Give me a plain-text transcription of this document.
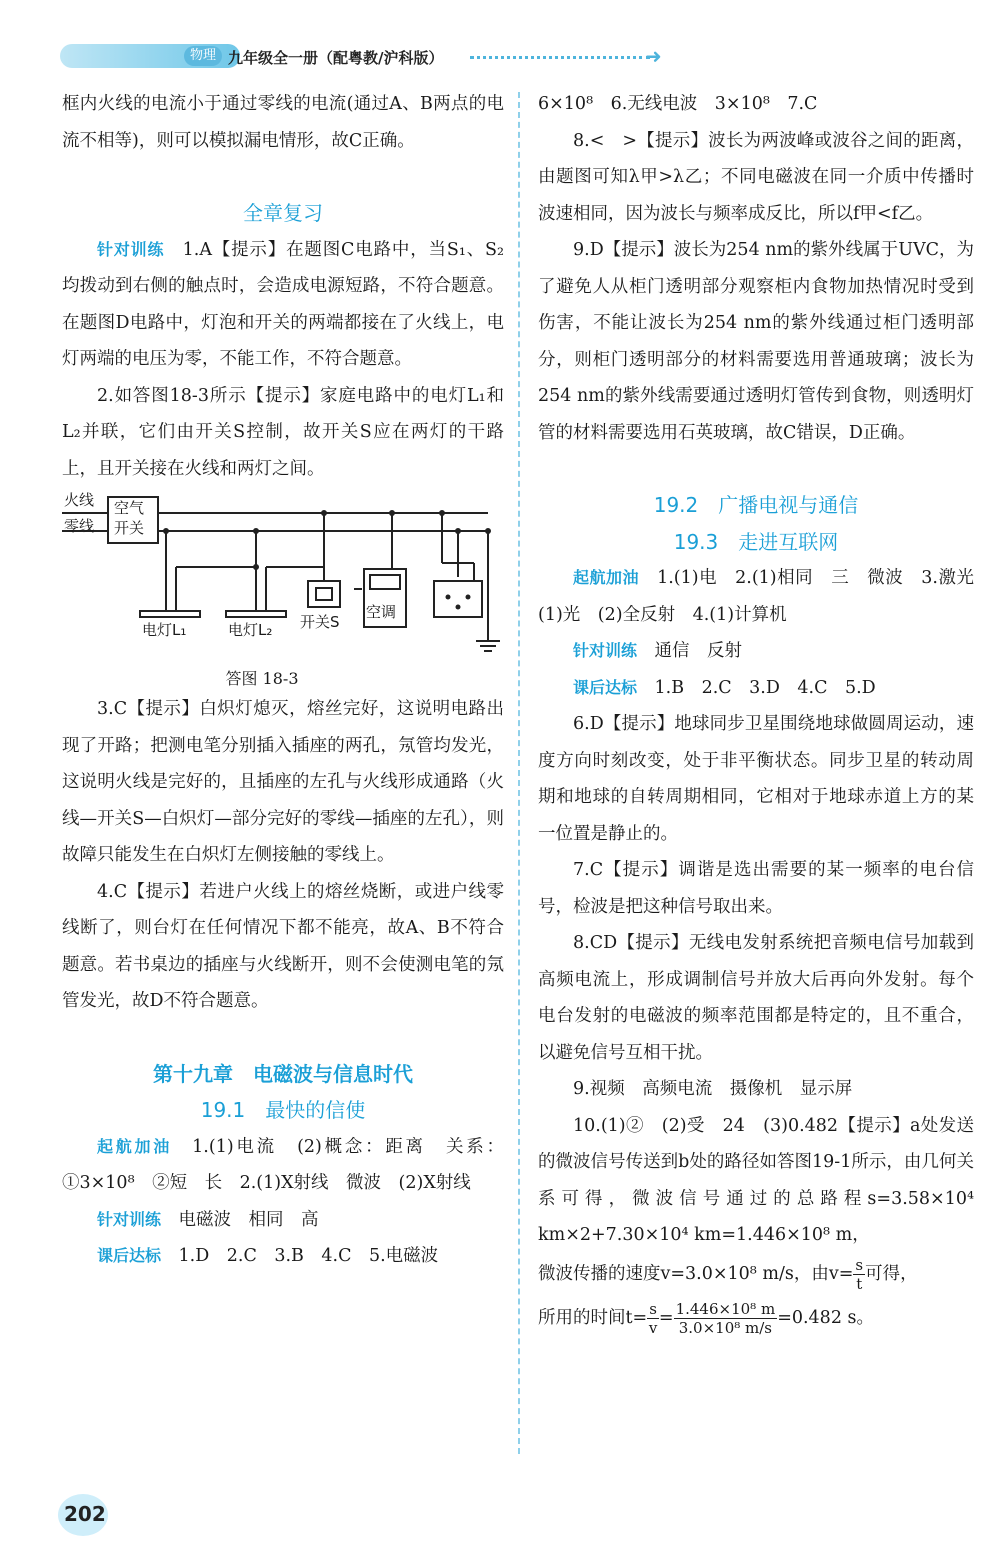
物理 九年级全一册（配粤教/沪科版）	➜

框内火线的电流小于通过零线的电流(通过A、B两点的电流不相等)，则可以模拟漏电情形，故C正确。

全章复习

针对训练　 1.A【提示】在题图C电路中，当S₁、S₂均拨动到右侧的触点时，会造成电源短路，不符合题意。在题图D电路中，灯泡和开关的两端都接在了火线上，电灯两端的电压为零，不能工作，不符合题意。

2.如答图18-3所示【提示】家庭电路中的电灯L₁和L₂并联，它们由开关S控制，故开关S应在两灯的干路上，且开关接在火线和两灯之间。

火线
零线
空气
开关
电灯L₁	电灯L₂ 开关S
空调
答图 18-3

3.C【提示】白炽灯熄灭，熔丝完好，这说明电路出现了开路；把测电笔分别插入插座的两孔，氖管均发光，这说明火线是完好的，且插座的左孔与火线形成通路（火线—开关S—白炽灯—部分完好的零线—插座的左孔），则故障只能发生在白炽灯左侧接触的零线上。

4.C【提示】若进户火线上的熔丝烧断，或进户线零线断了，则台灯在任何情况下都不能亮，故A、B不符合题意。若书桌边的插座与火线断开，则不会使测电笔的氖管发光，故D不符合题意。

第十九章　电磁波与信息时代

19.1　最快的信使

起航加油　 1.(1)电流　(2)概念：距离　关系：①3×10⁸　②短　长　2.(1)X射线　微波　(2)X射线

针对训练　 电磁波　相同　高

课后达标　 1.D　2.C　3.B　4.C　5.电磁波

6×10⁸　6.无线电波　3×10⁸　7.C

8.<　>【提示】波长为两波峰或波谷之间的距离，由题图可知λ甲>λ乙；不同电磁波在同一介质中传播时波速相同，因为波长与频率成反比，所以f甲<f乙。

9.D【提示】波长为254 nm的紫外线属于UVC，为了避免人从柜门透明部分观察柜内食物加热情况时受到伤害，不能让波长为254 nm的紫外线通过柜门透明部分，则柜门透明部分的材料需要选用普通玻璃；波长为254 nm的紫外线需要通过透明灯管传到食物，则透明灯管的材料需要选用石英玻璃，故C错误，D正确。

19.2　广播电视与通信

19.3　走进互联网

起航加油　 1.(1)电　2.(1)相同　三　微波　3.激光　(1)光　(2)全反射　4.(1)计算机

针对训练　 通信　反射

课后达标　 1.B　2.C　3.D　4.C　5.D

6.D【提示】地球同步卫星围绕地球做圆周运动，速度方向时刻改变，处于非平衡状态。同步卫星的转动周期和地球的自转周期相同，它相对于地球赤道上方的某一位置是静止的。

7.C【提示】调谐是选出需要的某一频率的电台信号，检波是把这种信号取出来。

8.CD【提示】无线电发射系统把音频电信号加载到高频电流上，形成调制信号并放大后再向外发射。每个电台发射的电磁波的频率范围都是特定的，且不重合，以避免信号互相干扰。

9.视频　高频电流　摄像机　显示屏

10.(1)②　(2)受　24　(3)0.482【提示】a处发送的微波信号传送到b处的路径如答图19-1所示，由几何关系可得，微波信号通过的总路程s=3.58×10⁴ km×2+7.30×10⁴ km=1.446×10⁸ m，

微波传播的速度v=3.0×10⁸ m/s，由$v= \frac{s}{t}$ 可得，

所用的时间$t= \frac{s}{v} = \frac{\text{1.446×10⁸ m}}{\text{3.0×10⁸ m/s}} =0.482$ s。

202
